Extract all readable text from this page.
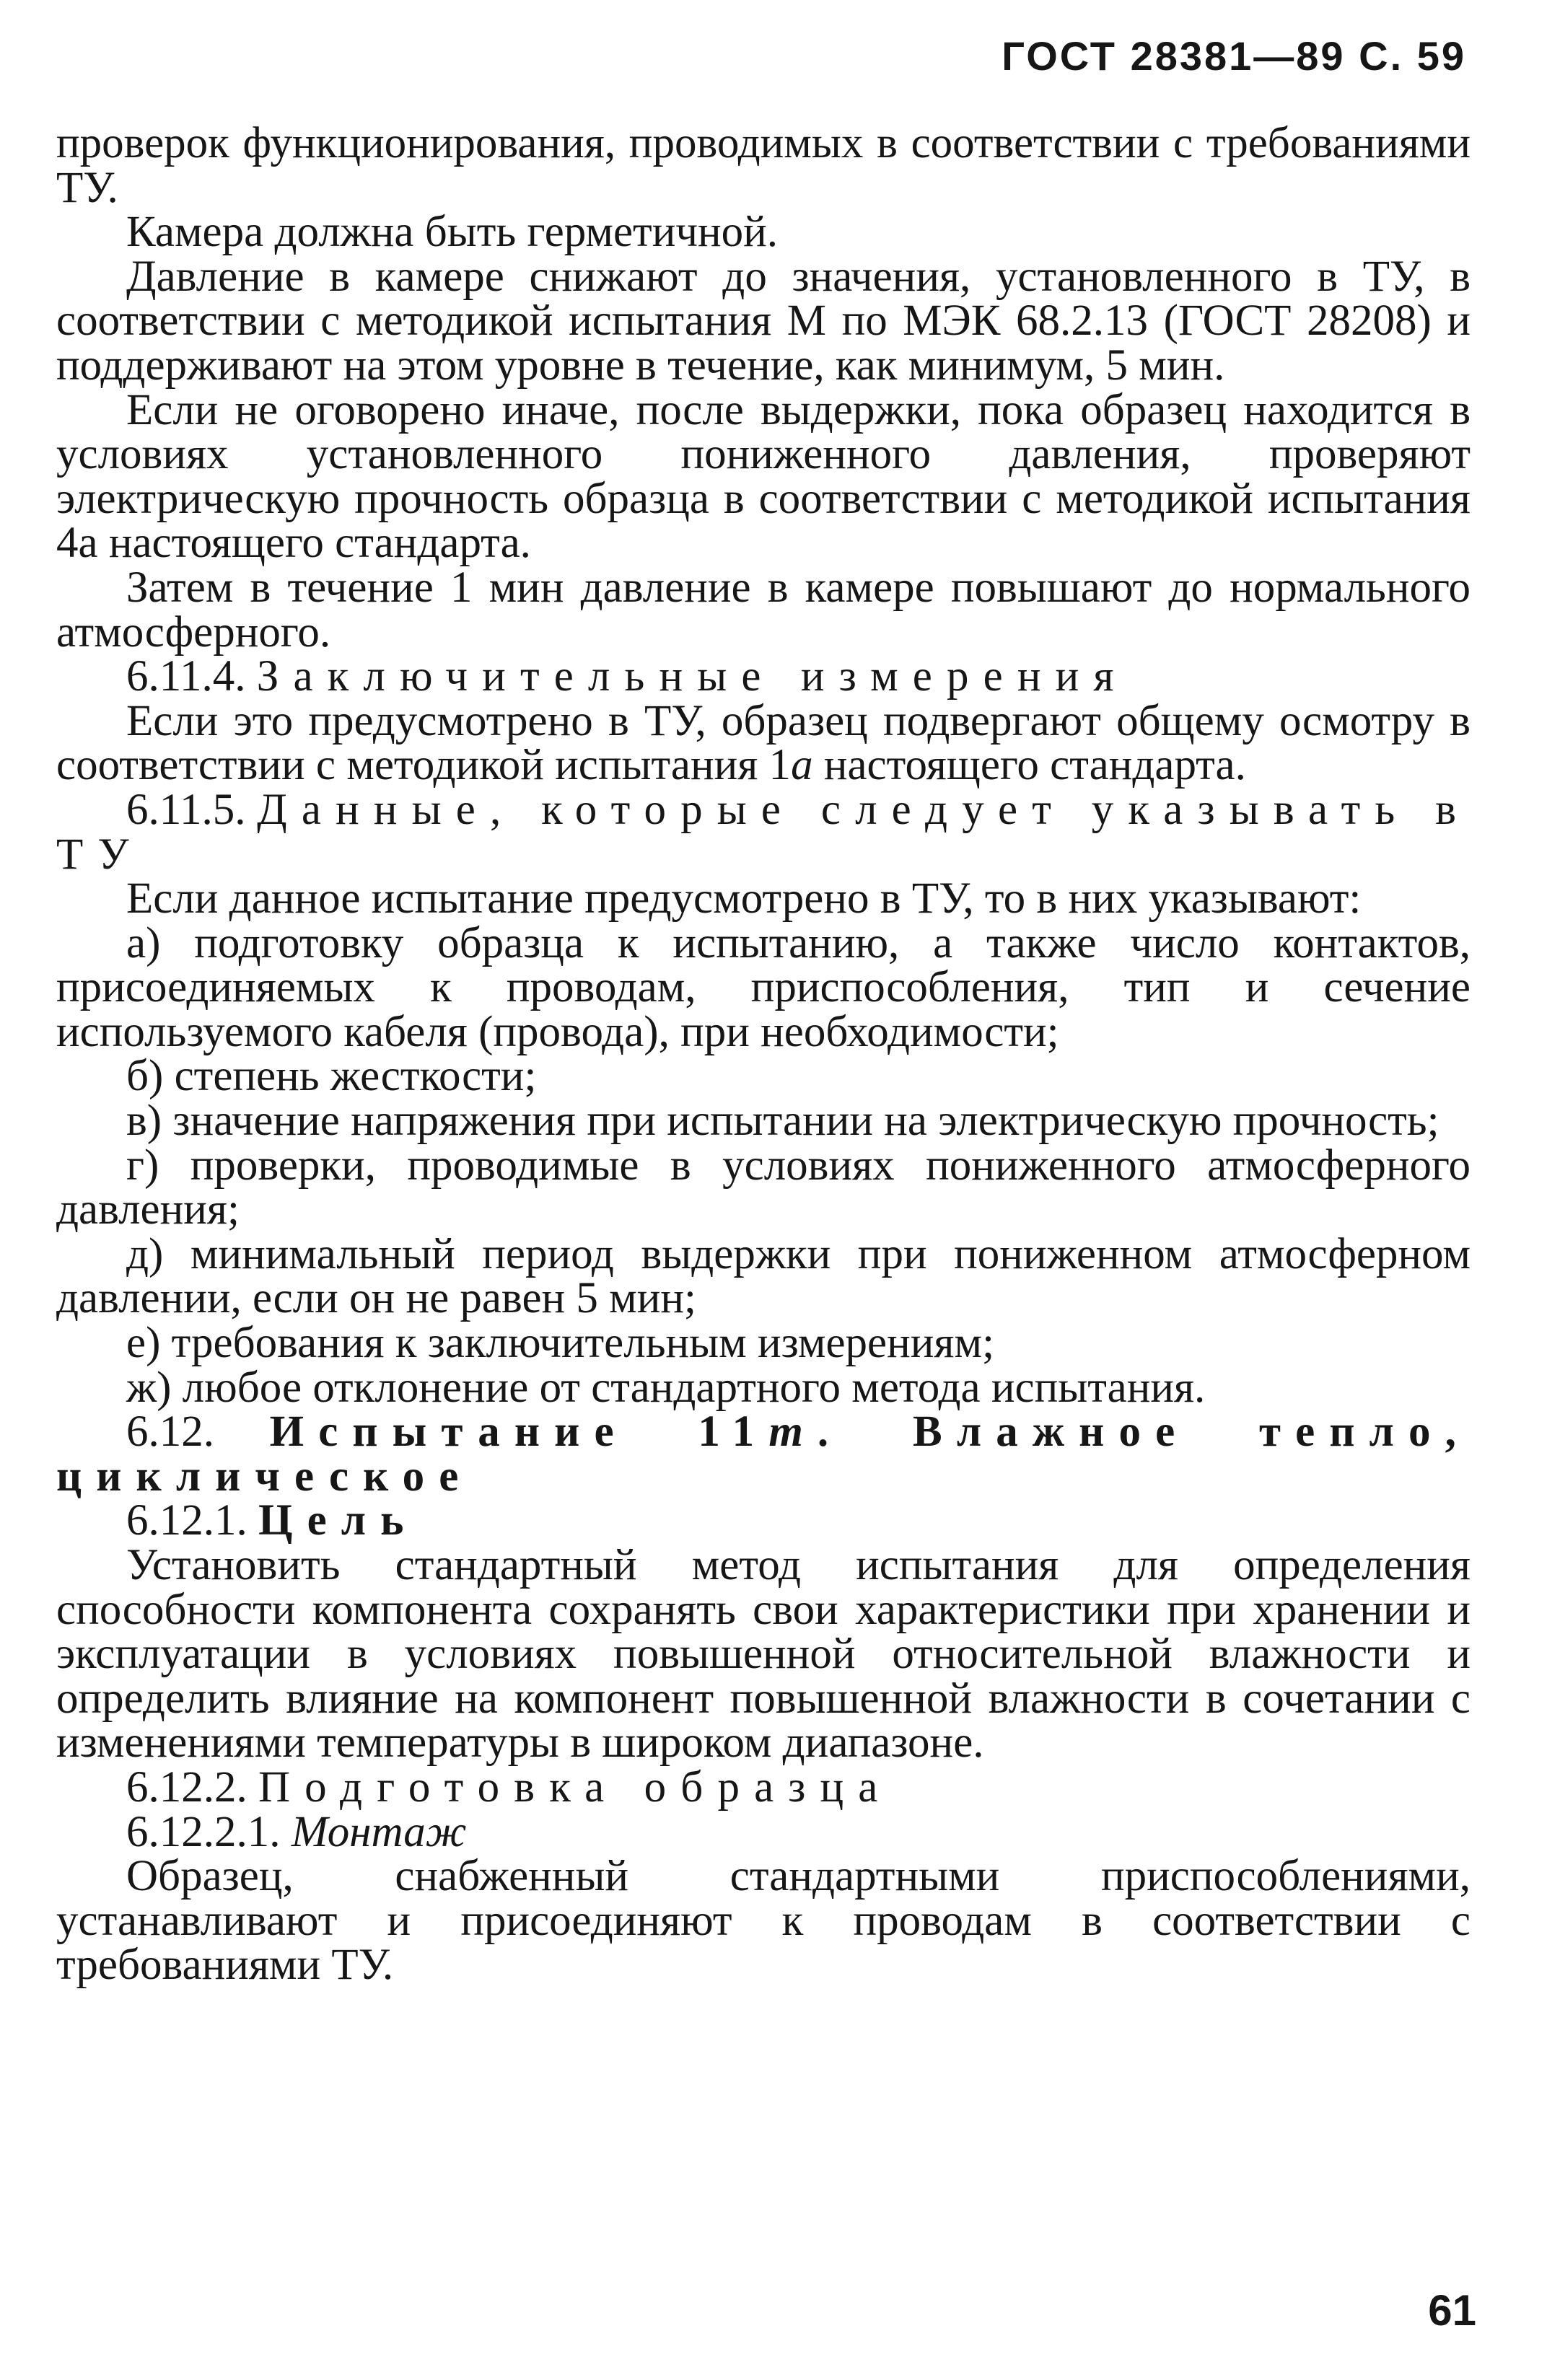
ГОСТ 28381—89 С. 59

проверок функционирования, проводимых в соответствии с требованиями ТУ.

Камера должна быть герметичной.

Давление в камере снижают до значения, установленного в ТУ, в соответствии с методикой испытания М по МЭК 68.2.13 (ГОСТ 28208) и поддерживают на этом уровне в течение, как минимум, 5 мин.

Если не оговорено иначе, после выдержки, пока образец находится в условиях установленного пониженного давления, проверяют электрическую прочность образца в соответствии с методикой испытания 4а настоящего стандарта.

Затем в течение 1 мин давление в камере повышают до нормального атмосферного.

6.11.4. Заключительные измерения

Если это предусмотрено в ТУ, образец подвергают общему осмотру в соответствии с методикой испытания 1а настоящего стандарта.

6.11.5. Данные, которые следует указывать в ТУ

Если данное испытание предусмотрено в ТУ, то в них указывают:

а) подготовку образца к испытанию, а также число контактов, присоединяемых к проводам, приспособления, тип и сечение используемого кабеля (провода), при необходимости;

б) степень жесткости;

в) значение напряжения при испытании на электрическую прочность;

г) проверки, проводимые в условиях пониженного атмосферного давления;

д) минимальный период выдержки при пониженном атмосферном давлении, если он не равен 5 мин;

е) требования к заключительным измерениям;

ж) любое отклонение от стандартного метода испытания.

6.12. Испытание 11т. Влажное тепло, циклическое

6.12.1. Цель

Установить стандартный метод испытания для определения способности компонента сохранять свои характеристики при хранении и эксплуатации в условиях повышенной относительной влажности и определить влияние на компонент повышенной влажности в сочетании с изменениями температуры в широком диапазоне.

6.12.2. Подготовка образца

6.12.2.1. Монтаж

Образец, снабженный стандартными приспособлениями, устанавливают и присоединяют к проводам в соответствии с требованиями ТУ.

61
